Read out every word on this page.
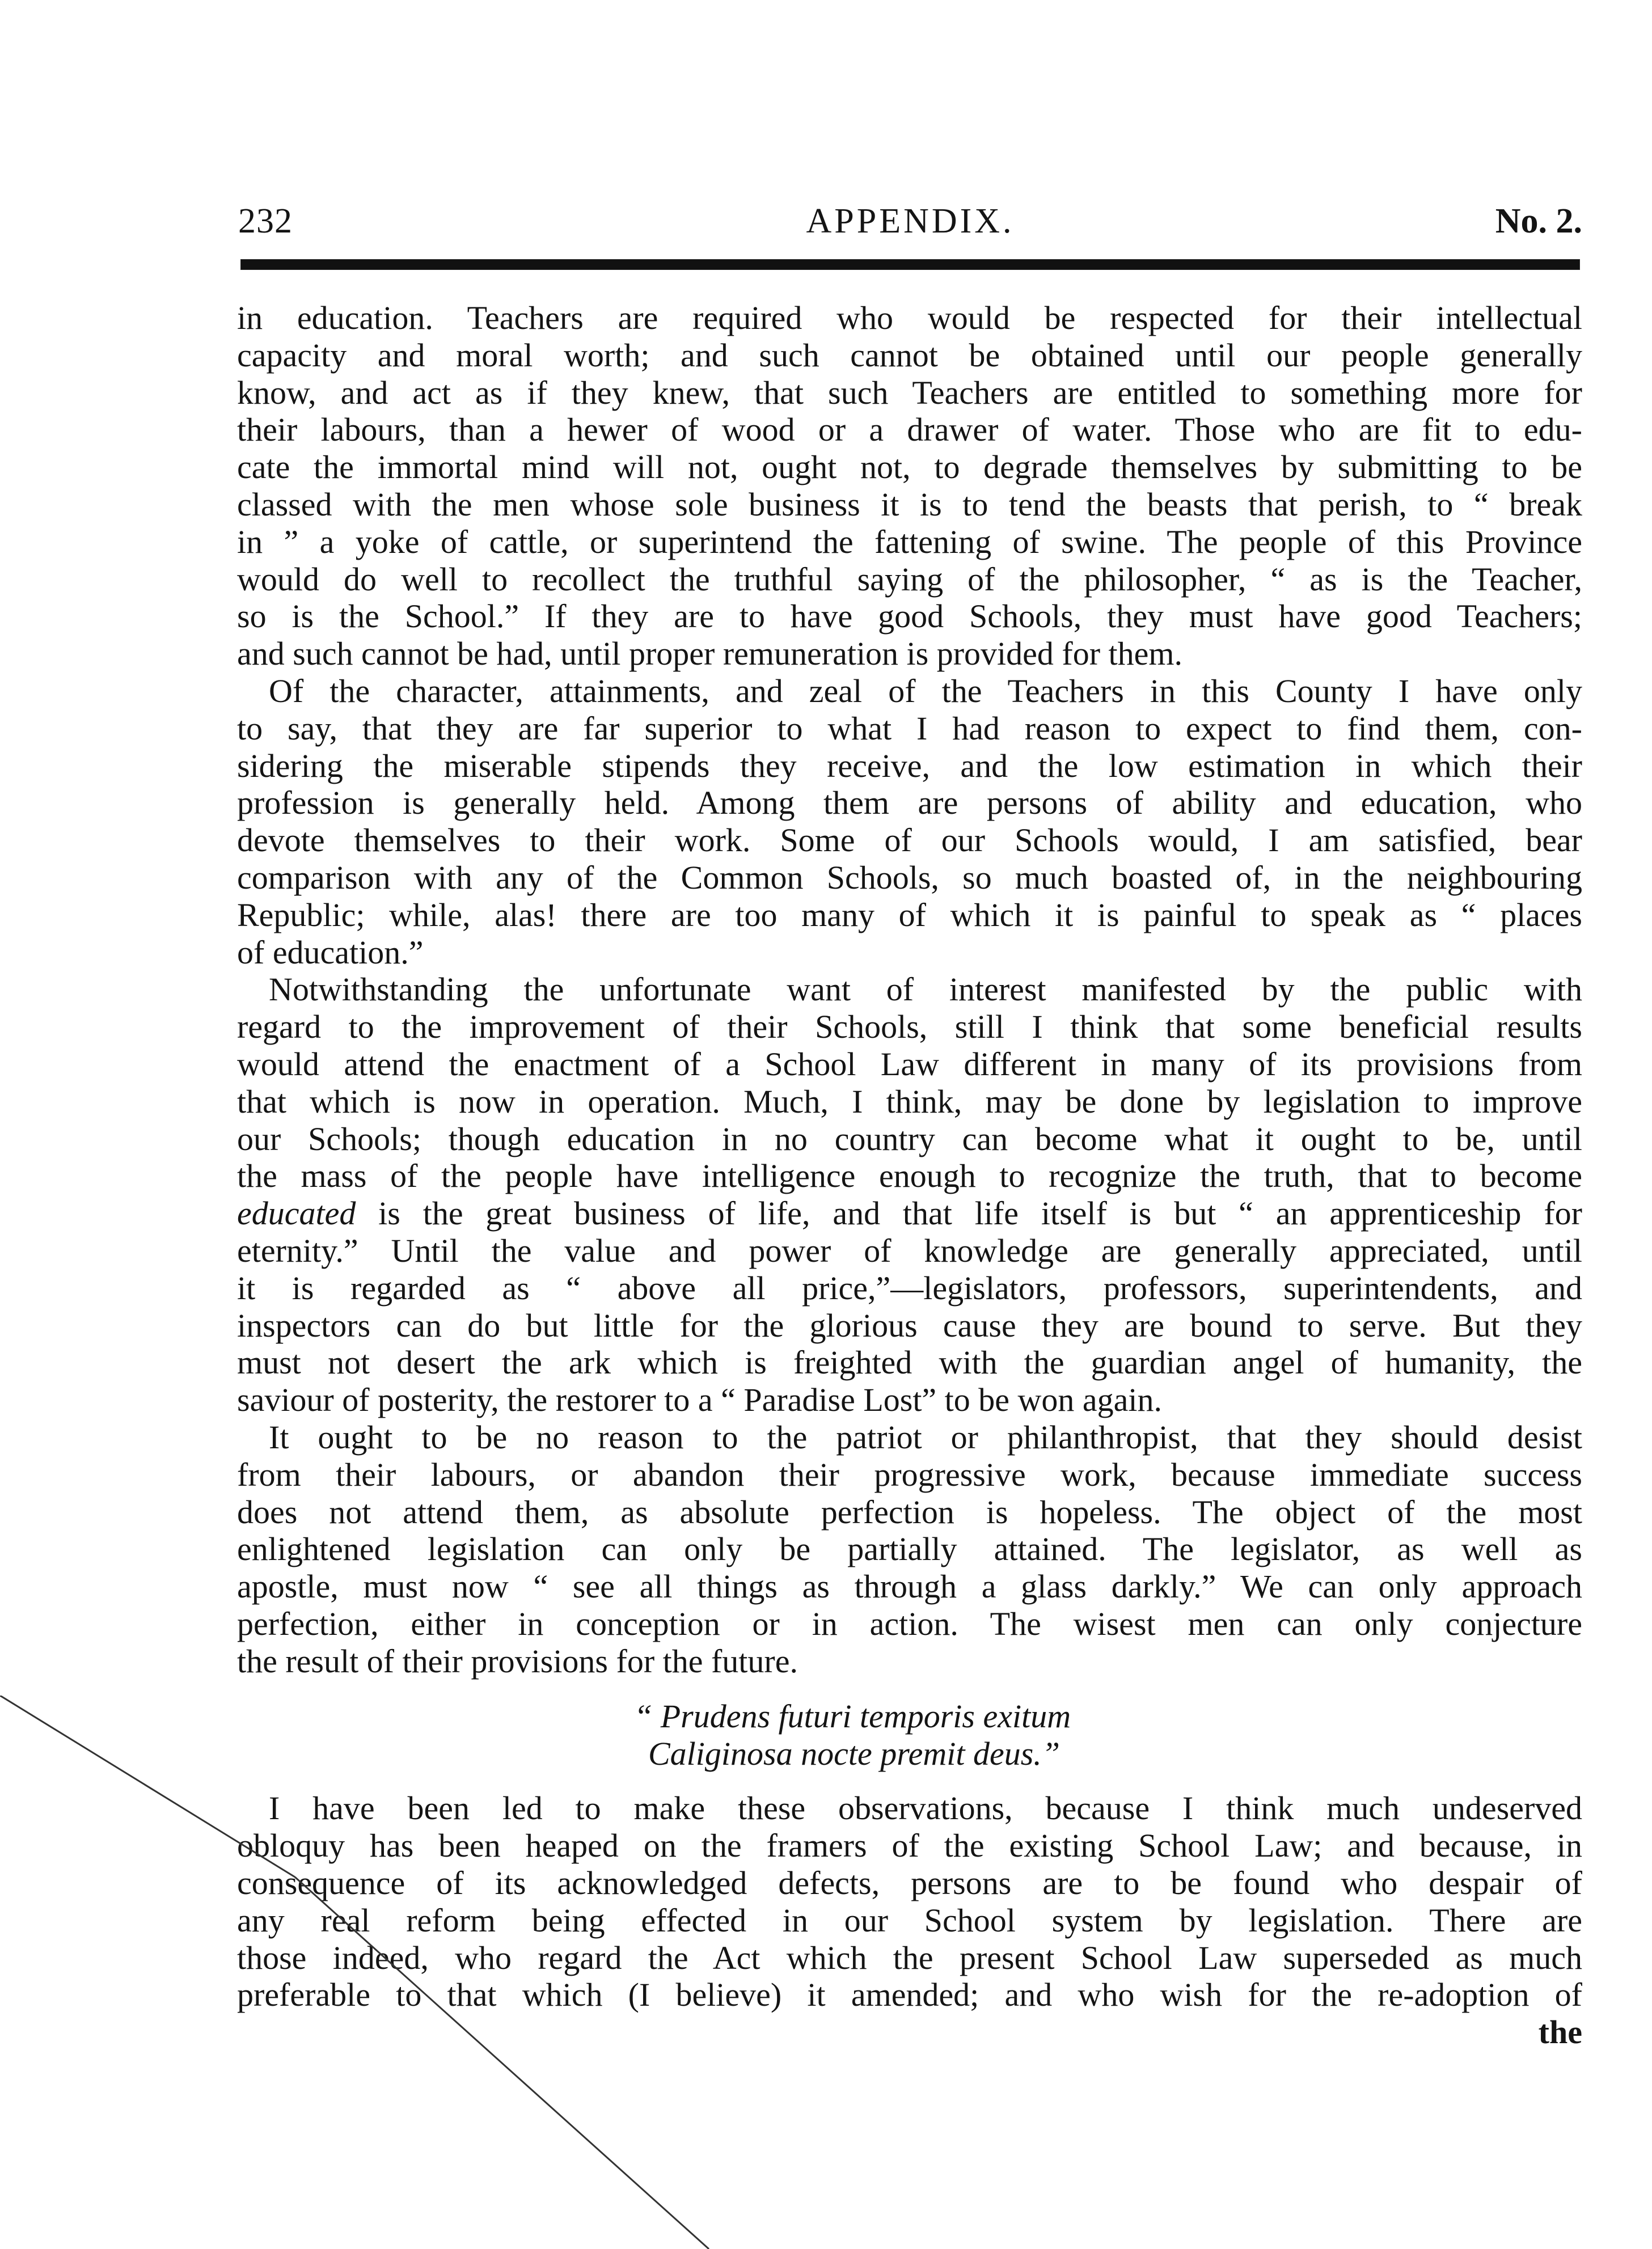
232	APPENDIX.	No. 2.
in education. Teachers are required who would be respected for their intellectual
capacity and moral worth; and such cannot be obtained until our people generally
know, and act as if they knew, that such Teachers are entitled to something more for
their labours, than a hewer of wood or a drawer of water. Those who are fit to edu-
cate the immortal mind will not, ought not, to degrade themselves by submitting to be
classed with the men whose sole business it is to tend the beasts that perish, to “ break
in ” a yoke of cattle, or superintend the fattening of swine. The people of this Province
would do well to recollect the truthful saying of the philosopher, “ as is the Teacher,
so is the School.” If they are to have good Schools, they must have good Teachers;
and such cannot be had, until proper remuneration is provided for them.
Of the character, attainments, and zeal of the Teachers in this County I have only
to say, that they are far superior to what I had reason to expect to find them, con-
sidering the miserable stipends they receive, and the low estimation in which their
profession is generally held. Among them are persons of ability and education, who
devote themselves to their work. Some of our Schools would, I am satisfied, bear
comparison with any of the Common Schools, so much boasted of, in the neighbouring
Republic; while, alas! there are too many of which it is painful to speak as “ places
of education.”
Notwithstanding the unfortunate want of interest manifested by the public with
regard to the improvement of their Schools, still I think that some beneficial results
would attend the enactment of a School Law different in many of its provisions from
that which is now in operation. Much, I think, may be done by legislation to improve
our Schools; though education in no country can become what it ought to be, until
the mass of the people have intelligence enough to recognize the truth, that to become
educated is the great business of life, and that life itself is but “ an apprenticeship for
eternity.” Until the value and power of knowledge are generally appreciated, until
it is regarded as “ above all price,”—legislators, professors, superintendents, and
inspectors can do but little for the glorious cause they are bound to serve. But they
must not desert the ark which is freighted with the guardian angel of humanity, the
saviour of posterity, the restorer to a “ Paradise Lost” to be won again.
It ought to be no reason to the patriot or philanthropist, that they should desist
from their labours, or abandon their progressive work, because immediate success
does not attend them, as absolute perfection is hopeless. The object of the most
enlightened legislation can only be partially attained. The legislator, as well as
apostle, must now “ see all things as through a glass darkly.” We can only approach
perfection, either in conception or in action. The wisest men can only conjecture
the result of their provisions for the future.
“ Prudens futuri temporis exitum
Caliginosa nocte premit deus.”
I have been led to make these observations, because I think much undeserved
obloquy has been heaped on the framers of the existing School Law; and because, in
consequence of its acknowledged defects, persons are to be found who despair of
any real reform being effected in our School system by legislation. There are
those indeed, who regard the Act which the present School Law superseded as much
preferable to that which (I believe) it amended; and who wish for the re-adoption of
the
